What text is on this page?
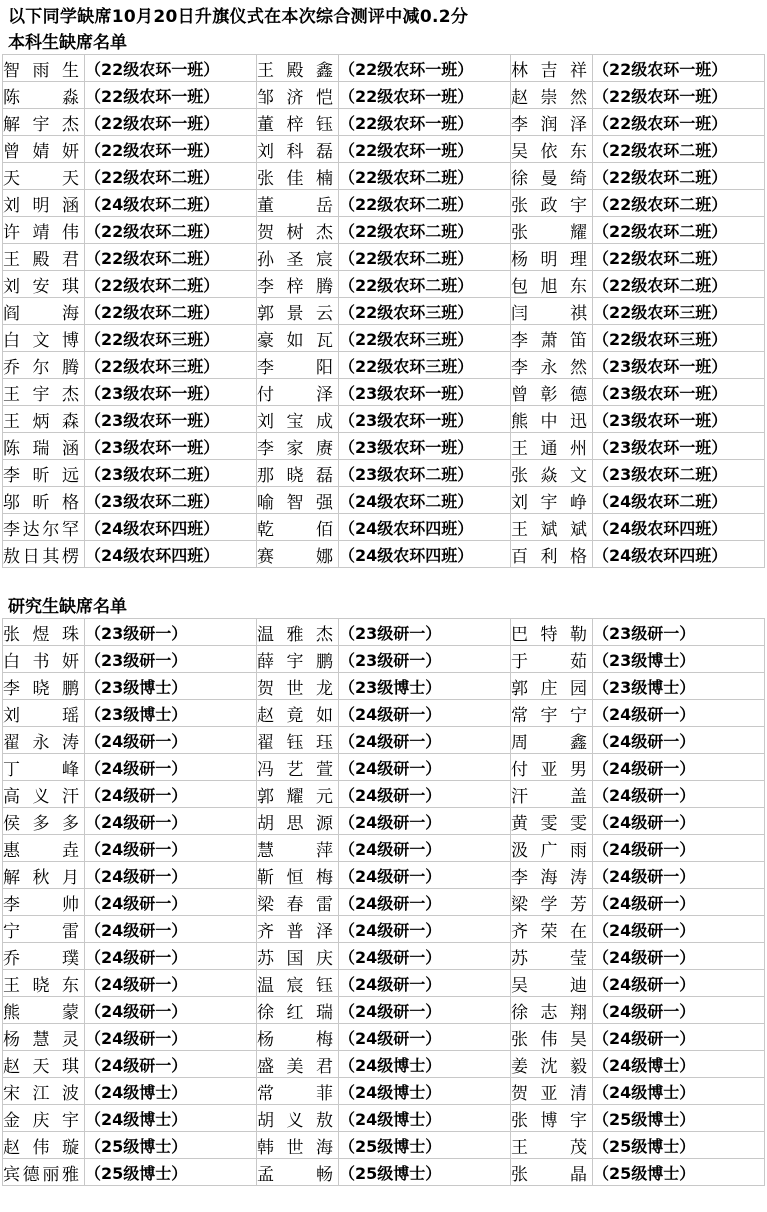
以下同学缺席10月20日升旗仪式在本次综合测评中减0.2分
本科生缺席名单
智雨生	（22级农环一班）	王殿鑫	（22级农环一班）	林吉祥	（22级农环一班）
陈　淼	（22级农环一班）	邹济恺	（22级农环一班）	赵崇然	（22级农环一班）
解宇杰	（22级农环一班）	董梓钰	（22级农环一班）	李润泽	（22级农环一班）
曾婧妍	（22级农环一班）	刘科磊	（22级农环一班）	吴依东	（22级农环二班）
天　天	（22级农环二班）	张佳楠	（22级农环二班）	徐曼绮	（22级农环二班）
刘明涵	（24级农环二班）	董　岳	（22级农环二班）	张政宇	（22级农环二班）
许靖伟	（22级农环二班）	贺树杰	（22级农环二班）	张　耀	（22级农环二班）
王殿君	（22级农环二班）	孙圣宸	（22级农环二班）	杨明理	（22级农环二班）
刘安琪	（22级农环二班）	李梓腾	（22级农环二班）	包旭东	（22级农环二班）
阎　海	（22级农环二班）	郭景云	（22级农环三班）	闫　祺	（22级农环三班）
白文博	（22级农环三班）	豪如瓦	（22级农环三班）	李萧笛	（22级农环三班）
乔尔腾	（22级农环三班）	李　阳	（22级农环三班）	李永然	（23级农环一班）
王宇杰	（23级农环一班）	付　泽	（23级农环一班）	曾彰德	（23级农环一班）
王炳森	（23级农环一班）	刘宝成	（23级农环一班）	熊中迅	（23级农环一班）
陈瑞涵	（23级农环一班）	李家赓	（23级农环一班）	王通州	（23级农环一班）
李昕远	（23级农环二班）	那晓磊	（23级农环二班）	张焱文	（23级农环二班）
邬昕格	（23级农环二班）	喻智强	（24级农环二班）	刘宇峥	（24级农环二班）
李达尔罕	（24级农环四班）	乾　佰	（24级农环四班）	王斌斌	（24级农环四班）
敖日其楞	（24级农环四班）	赛　娜	（24级农环四班）	百利格	（24级农环四班）
研究生缺席名单
张煜珠	（23级研一）	温雅杰	（23级研一）	巴特勒	（23级研一）
白书妍	（23级研一）	薛宇鹏	（23级研一）	于　茹	（23级博士）
李晓鹏	（23级博士）	贺世龙	（23级博士）	郭庄园	（23级博士）
刘　瑶	（23级博士）	赵竟如	（24级研一）	常宇宁	（24级研一）
翟永涛	（24级研一）	翟钰珏	（24级研一）	周　鑫	（24级研一）
丁　峰	（24级研一）	冯艺萱	（24级研一）	付亚男	（24级研一）
高义汗	（24级研一）	郭耀元	（24级研一）	汗　盖	（24级研一）
侯多多	（24级研一）	胡思源	（24级研一）	黄雯雯	（24级研一）
惠　垚	（24级研一）	慧　萍	（24级研一）	汲广雨	（24级研一）
解秋月	（24级研一）	靳恒梅	（24级研一）	李海涛	（24级研一）
李　帅	（24级研一）	梁春雷	（24级研一）	梁学芳	（24级研一）
宁　雷	（24级研一）	齐普泽	（24级研一）	齐荣在	（24级研一）
乔　璞	（24级研一）	苏国庆	（24级研一）	苏　莹	（24级研一）
王晓东	（24级研一）	温宸钰	（24级研一）	吴　迪	（24级研一）
熊　蒙	（24级研一）	徐红瑞	（24级研一）	徐志翔	（24级研一）
杨慧灵	（24级研一）	杨　梅	（24级研一）	张伟昊	（24级研一）
赵天琪	（24级研一）	盛美君	（24级博士）	姜沈毅	（24级博士）
宋江波	（24级博士）	常　菲	（24级博士）	贺亚清	（24级博士）
金庆宇	（24级博士）	胡义敖	（24级博士）	张博宇	（25级博士）
赵伟璇	（25级博士）	韩世海	（25级博士）	王　茂	（25级博士）
宾德丽雅	（25级博士）	孟　畅	（25级博士）	张　晶	（25级博士）
